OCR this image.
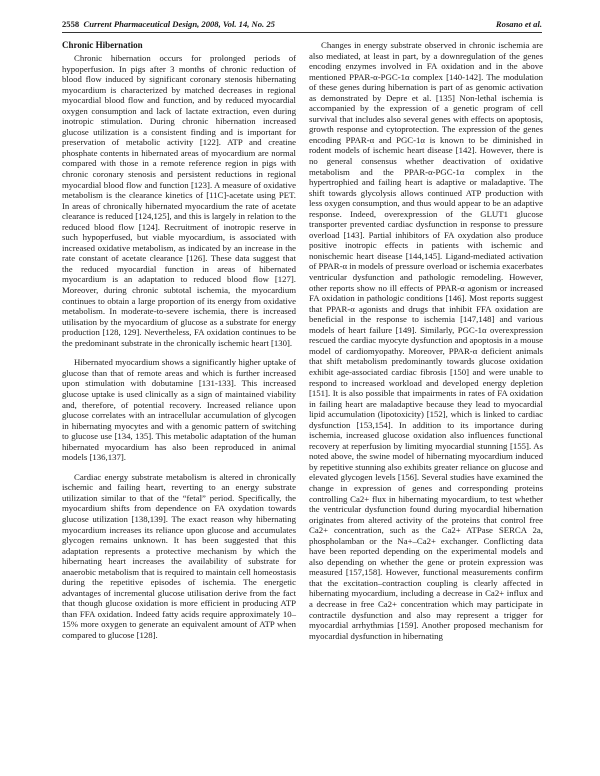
2558 Current Pharmaceutical Design, 2008, Vol. 14, No. 25	Rosano et al.
Chronic Hibernation

Chronic hibernation occurs for prolonged periods of hypoperfusion. In pigs after 3 months of chronic reduction of blood flow induced by significant coronary stenosis hibernating myocardium is characterized by matched decreases in regional myocardial blood flow and function, and by reduced myocardial oxygen consumption and lack of lactate extraction, even during inotropic stimulation. During chronic hibernation increased glucose utilization is a consistent finding and is important for preservation of metabolic activity [122]. ATP and creatine phosphate contents in hibernated areas of myocardium are normal compared with those in a remote reference region in pigs with chronic coronary stenosis and persistent reductions in regional myocardial blood flow and function [123]. A measure of oxidative metabolism is the clearance kinetics of [11C]-acetate using PET. In areas of chronically hibernated myocardium the rate of acetate clearance is reduced [124,125], and this is largely in relation to the reduced blood flow [124]. Recruitment of inotropic reserve in such hypoperfused, but viable myocardium, is associated with increased oxidative metabolism, as indicated by an increase in the rate constant of acetate clearance [126]. These data suggest that the reduced myocardial function in areas of hibernated myocardium is an adaptation to reduced blood flow [127]. Moreover, during chronic subtotal ischemia, the myocardium continues to obtain a large proportion of its energy from oxidative metabolism. In moderate-to-severe ischemia, there is increased utilisation by the myocardium of glucose as a substrate for energy production [128, 129]. Nevertheless, FA oxidation continues to be the predominant substrate in the chronically ischemic heart [130].

Hibernated myocardium shows a significantly higher uptake of glucose than that of remote areas and which is further increased upon stimulation with dobutamine [131-133]. This increased glucose uptake is used clinically as a sign of maintained viability and, therefore, of potential recovery. Increased reliance upon glucose correlates with an intracellular accumulation of glycogen in hibernating myocytes and with a genomic pattern of switching to glucose use [134, 135]. This metabolic adaptation of the human hibernated myocardium has also been reproduced in animal models [136,137].

Cardiac energy substrate metabolism is altered in chronically ischemic and failing heart, reverting to an energy substrate utilization similar to that of the “fetal” period. Specifically, the myocardium shifts from dependence on FA oxydation towards glucose utilization [138,139]. The exact reason why hibernating myocardium increases its reliance upon glucose and accumulates glycogen remains unknown. It has been suggested that this adaptation represents a protective mechanism by which the hibernating heart increases the availability of substrate for anaerobic metabolism that is required to maintain cell homeostasis during the repetitive episodes of ischemia. The energetic advantages of incremental glucose utilisation derive from the fact that though glucose oxidation is more efficient in producing ATP than FFA oxidation. Indeed fatty acids require approximately 10–15% more oxygen to generate an equivalent amount of ATP when compared to glucose [128].

Changes in energy substrate observed in chronic ischemia are also mediated, at least in part, by a downregulation of the genes encoding enzymes involved in FA oxidation and in the above mentioned PPAR-α-PGC-1α complex [140-142]. The modulation of these genes during hibernation is part of as genomic activation as demonstrated by Depre et al. [135] Non-lethal ischemia is accompanied by the expression of a genetic program of cell survival that includes also several genes with effects on apoptosis, growth response and cytoprotection. The expression of the genes encoding PPAR-α and PGC-1α is known to be diminished in rodent models of ischemic heart disease [142]. However, there is no general consensus whether deactivation of oxidative metabolism and the PPAR-α-PGC-1α complex in the hypertrophied and failing heart is adaptive or maladaptive. The shift towards glycolysis allows continued ATP production with less oxygen consumption, and thus would appear to be an adaptive response. Indeed, overexpression of the GLUT1 glucose transporter prevented cardiac dysfunction in response to pressure overload [143]. Partial inhibitors of FA oxydation also produce positive inotropic effects in patients with ischemic and nonischemic heart disease [144,145]. Ligand-mediated activation of PPAR-α in models of pressure overload or ischemia exacerbates ventricular dysfunction and pathologic remodeling. However, other reports show no ill effects of PPAR-α agonism or increased FA oxidation in pathologic conditions [146]. Most reports suggest that PPAR-α agonists and drugs that inhibit FFA oxidation are beneficial in the response to ischemia [147,148] and various models of heart failure [149]. Similarly, PGC-1α overexpression rescued the cardiac myocyte dysfunction and apoptosis in a mouse model of cardiomyopathy. Moreover, PPAR-α deficient animals that shift metabolism predominantly towards glucose oxidation exhibit age-associated cardiac fibrosis [150] and were unable to respond to increased workload and developed energy depletion [151]. It is also possible that impairments in rates of FA oxidation in failing heart are maladaptive because they lead to myocardial lipid accumulation (lipotoxicity) [152], which is linked to cardiac dysfunction [153,154]. In addition to its importance during ischemia, increased glucose oxidation also influences functional recovery at reperfusion by limiting myocardial stunning [155]. As noted above, the swine model of hibernating myocardium induced by repetitive stunning also exhibits greater reliance on glucose and elevated glycogen levels [156]. Several studies have examined the change in expression of genes and corresponding proteins controlling Ca2+ flux in hibernating myocardium, to test whether the ventricular dysfunction found during myocardial hibernation originates from altered activity of the proteins that control free Ca2+ concentration, such as the Ca2+ ATPase SERCA 2a, phospholamban or the Na+–Ca2+ exchanger. Conflicting data have been reported depending on the experimental models and also depending on whether the gene or protein expression was measured [157,158]. However, functional measurements confirm that the excitation–contraction coupling is clearly affected in hibernating myocardium, including a decrease in Ca2+ influx and a decrease in free Ca2+ concentration which may participate in contractile dysfunction and also may represent a trigger for myocardial arrhythmias [159]. Another proposed mechanism for myocardial dysfunction in hibernating
